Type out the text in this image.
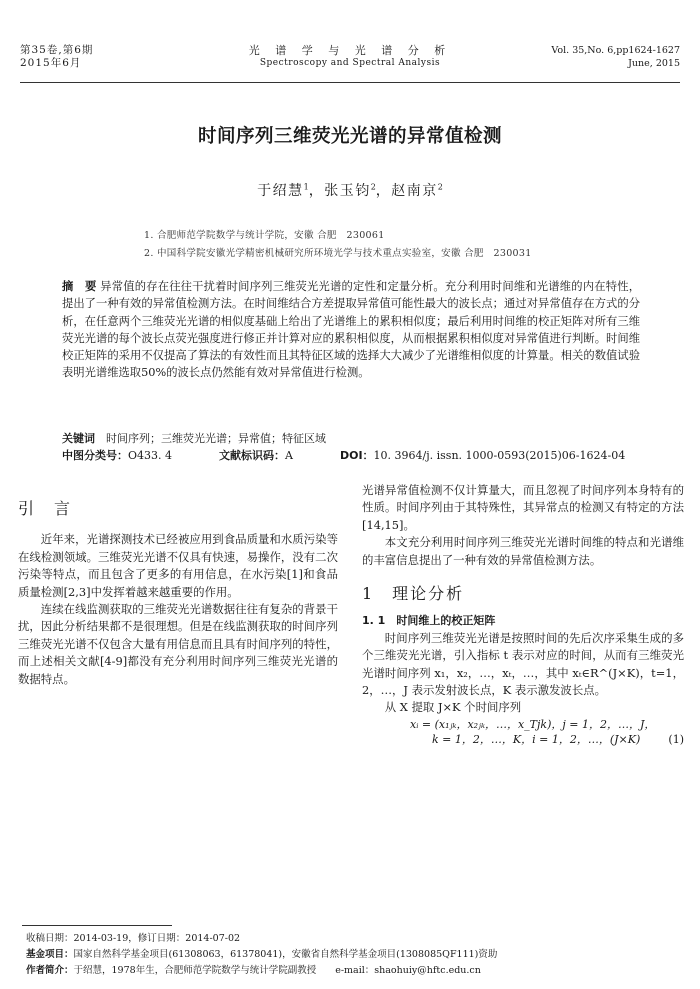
第35卷,第6期
2015年6月
光 谱 学 与 光 谱 分 析
Spectroscopy and Spectral Analysis
Vol. 35,No. 6,pp1624-1627
June, 2015
时间序列三维荧光光谱的异常值检测
于绍慧$^1$，张玉钧$^2$，赵南京$^2$
1. 合肥师范学院数学与统计学院，安徽 合肥　230061
2. 中国科学院安徽光学精密机械研究所环境光学与技术重点实验室，安徽 合肥　230031
摘　要 异常值的存在往往干扰着时间序列三维荧光光谱的定性和定量分析。充分利用时间维和光谱维的内在特性，提出了一种有效的异常值检测方法。在时间维结合方差提取异常值可能性最大的波长点；通过对异常值存在方式的分析，在任意两个三维荧光光谱的相似度基础上给出了光谱维上的累积相似度；最后利用时间维的校正矩阵对所有三维荧光光谱的每个波长点荧光强度进行修正并计算对应的累积相似度，从而根据累积相似度对异常值进行判断。时间维校正矩阵的采用不仅提高了算法的有效性而且其特征区域的选择大大减少了光谱维相似度的计算量。相关的数值试验表明光谱维选取50%的波长点仍然能有效对异常值进行检测。
关键词　 时间序列；三维荧光光谱；异常值；特征区域
中图分类号：O433. 4	文献标识码：A	DOI：10. 3964/j. issn. 1000-0593(2015)06-1624-04
引　言

近年来，光谱探测技术已经被应用到食品质量和水质污染等在线检测领域。三维荧光光谱不仅具有快速，易操作，没有二次污染等特点，而且包含了更多的有用信息，在水污染[1]和食品质量检测[2,3]中发挥着越来越重要的作用。

连续在线监测获取的三维荧光光谱数据往往有复杂的背景干扰，因此分析结果都不是很理想。但是在线监测获取的时间序列三维荧光光谱不仅包含大量有用信息而且具有时间序列的特性，而上述相关文献[4-9]都没有充分利用时间序列三维荧光光谱的数据特点。

光谱异常值检测不仅计算量大，而且忽视了时间序列本身特有的性质。时间序列由于其特殊性，其异常点的检测又有特定的方法[14,15]。

本文充分利用时间序列三维荧光光谱时间维的特点和光谱维的丰富信息提出了一种有效的异常值检测方法。

1　理论分析
1. 1　时间维上的校正矩阵

时间序列三维荧光光谱是按照时间的先后次序采集生成的多个三维荧光光谱，引入指标 t 表示对应的时间，从而有三维荧光光谱时间序列 x₁，x₂，…，xₜ，…，其中 xₜ∈R^(J×K)，t=1，2，…，J 表示发射波长点，K 表示激发波长点。

从 X 提取 J×K 个时间序列

xᵢ = (x₁ⱼₖ，x₂ⱼₖ，…，x_Tjk)，j = 1，2，…，J，
k = 1，2，…，K，i = 1，2，…，(J×K)	(1)
收稿日期：2014-03-19，修订日期：2014-07-02
基金项目：国家自然科学基金项目(61308063，61378041)，安徽省自然科学基金项目(1308085QF111)资助
作者简介：于绍慧，1978年生，合肥师范学院数学与统计学院副教授　　e-mail：shaohuiy@hftc.edu.cn
